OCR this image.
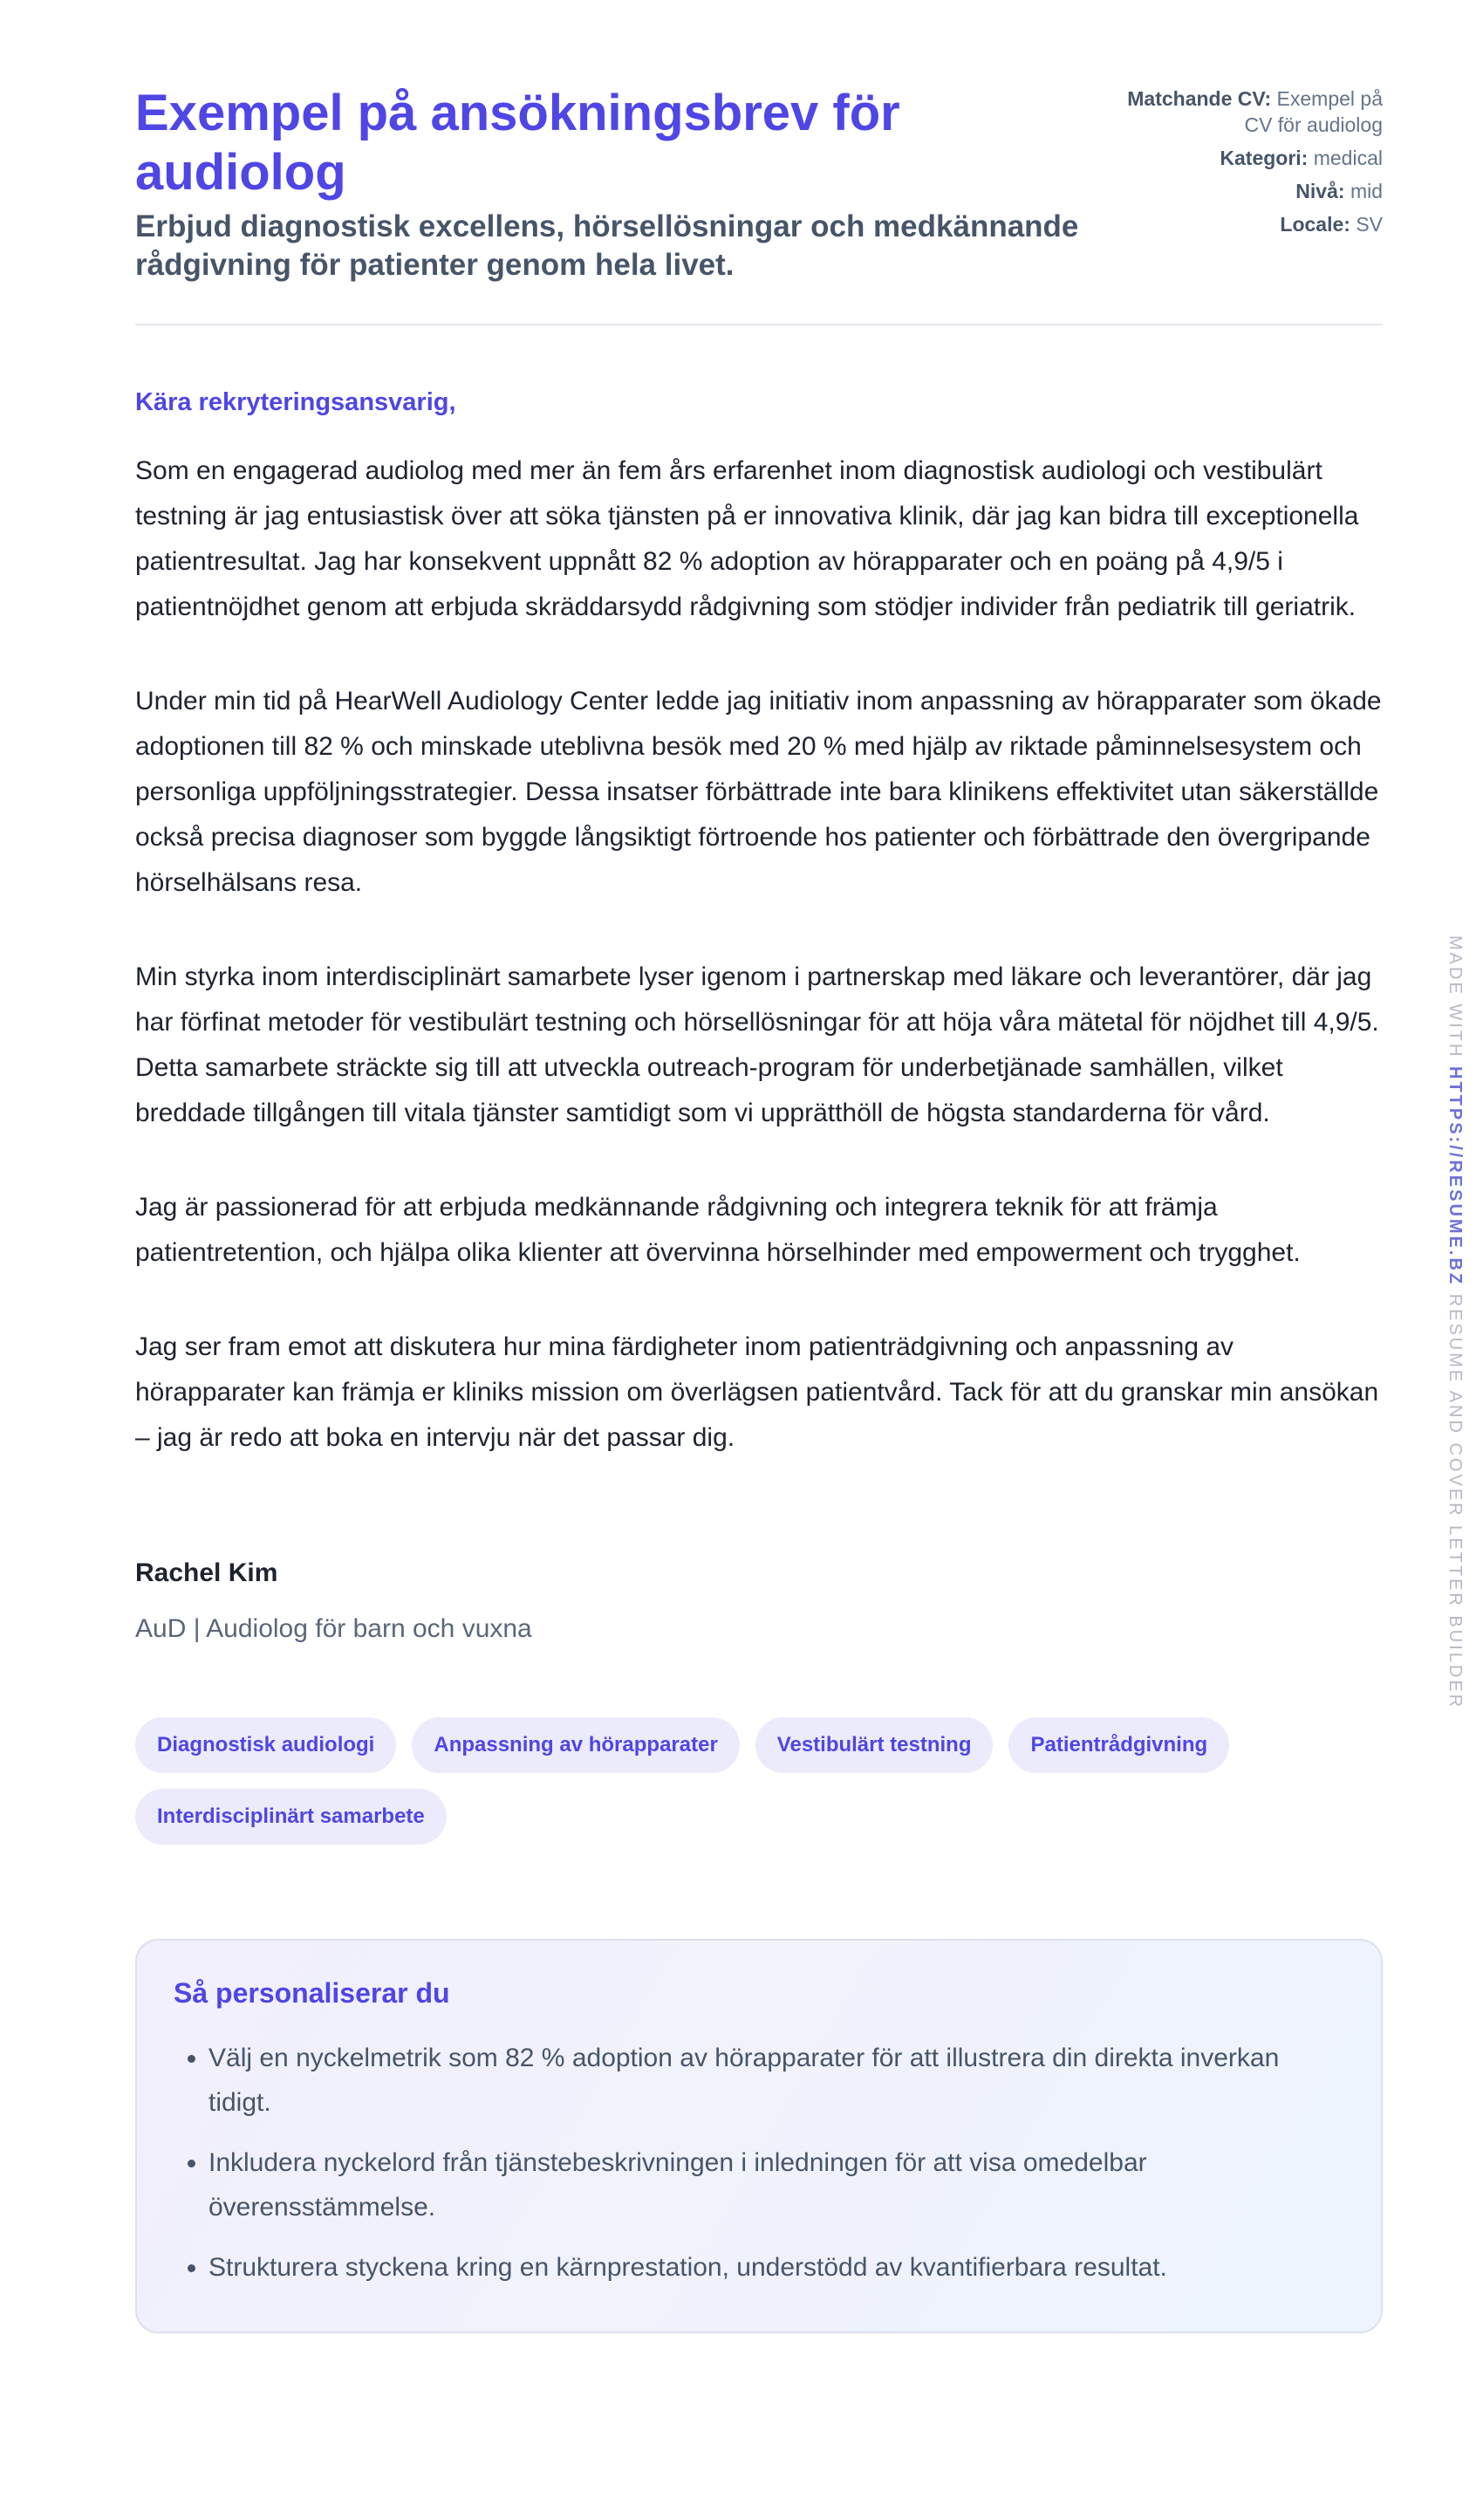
Exempel på ansökningsbrev för audiolog
Erbjud diagnostisk excellens, hörsellösningar och medkännande rådgivning för patienter genom hela livet.
Matchande CV: Exempel på CV för audiolog
Kategori: medical
Nivå: mid
Locale: SV
Kära rekryteringsansvarig,

Som en engagerad audiolog med mer än fem års erfarenhet inom diagnostisk audiologi och vestibulärt testning är jag entusiastisk över att söka tjänsten på er innovativa klinik, där jag kan bidra till exceptionella patientresultat. Jag har konsekvent uppnått 82 % adoption av hörapparater och en poäng på 4,9/5 i patientnöjdhet genom att erbjuda skräddarsydd rådgivning som stödjer individer från pediatrik till geriatrik.

Under min tid på HearWell Audiology Center ledde jag initiativ inom anpassning av hörapparater som ökade adoptionen till 82 % och minskade uteblivna besök med 20 % med hjälp av riktade påminnelsesystem och personliga uppföljningsstrategier. Dessa insatser förbättrade inte bara klinikens effektivitet utan säkerställde också precisa diagnoser som byggde långsiktigt förtroende hos patienter och förbättrade den övergripande hörselhälsans resa.

Min styrka inom interdisciplinärt samarbete lyser igenom i partnerskap med läkare och leverantörer, där jag har förfinat metoder för vestibulärt testning och hörsellösningar för att höja våra mätetal för nöjdhet till 4,9/5. Detta samarbete sträckte sig till att utveckla outreach-program för underbetjänade samhällen, vilket breddade tillgången till vitala tjänster samtidigt som vi upprätthöll de högsta standarderna för vård.

Jag är passionerad för att erbjuda medkännande rådgivning och integrera teknik för att främja patientretention, och hjälpa olika klienter att övervinna hörselhinder med empowerment och trygghet.

Jag ser fram emot att diskutera hur mina färdigheter inom patienträdgivning och anpassning av hörapparater kan främja er kliniks mission om överlägsen patientvård. Tack för att du granskar min ansökan – jag är redo att boka en intervju när det passar dig.

Rachel Kim
AuD | Audiolog för barn och vuxna
Diagnostisk audiologi	Anpassning av hörapparater	Vestibulärt testning	Patientrådgivning
Interdisciplinärt samarbete
Så personaliserar du
• Välj en nyckelmetrik som 82 % adoption av hörapparater för att illustrera din direkta inverkan tidigt.
• Inkludera nyckelord från tjänstebeskrivningen i inledningen för att visa omedelbar överensstämmelse.
• Strukturera styckena kring en kärnprestation, understödd av kvantifierbara resultat.
MADE WITH HTTPS://RESUME.BZ RESUME AND COVER LETTER BUILDER
